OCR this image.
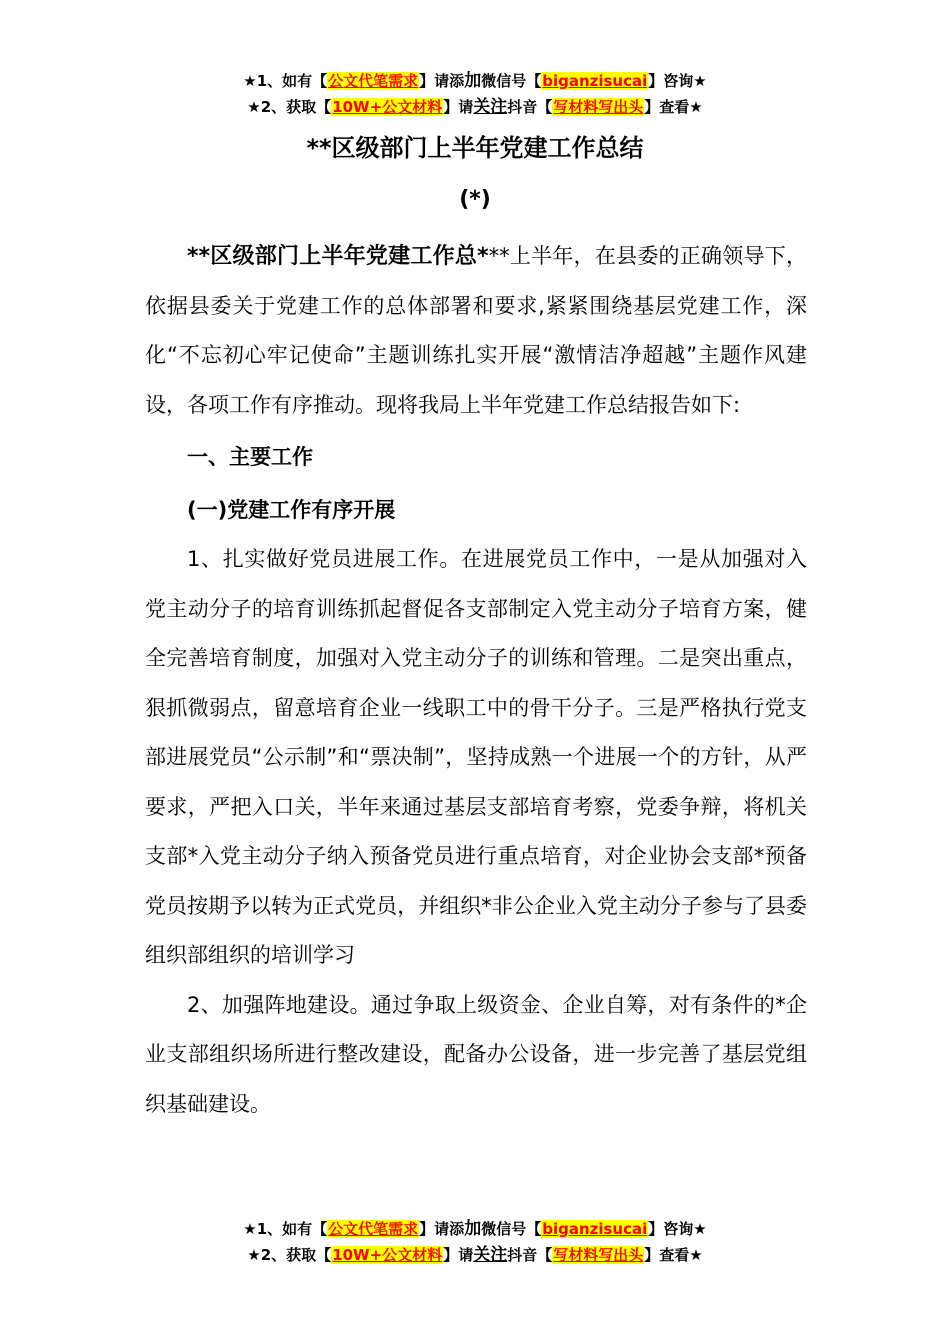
★1、如有【公文代笔需求】请添加微信号【biganzisucai】咨询★
★2、获取【10W+公文材料】请关注抖音【写材料写出头】查看★
**区级部门上半年党建工作总结
(*)

**区级部门上半年党建工作总***上半年，在县委的正确领导下，依据县委关于党建工作的总体部署和要求,紧紧围绕基层党建工作，深化“不忘初心牢记使命”主题训练扎实开展“激情洁净超越”主题作风建设，各项工作有序推动。现将我局上半年党建工作总结报告如下:

一、主要工作

(一)党建工作有序开展

1、扎实做好党员进展工作。在进展党员工作中，一是从加强对入党主动分子的培育训练抓起督促各支部制定入党主动分子培育方案，健全完善培育制度，加强对入党主动分子的训练和管理。二是突出重点，狠抓微弱点，留意培育企业一线职工中的骨干分子。三是严格执行党支部进展党员“公示制”和“票决制”，坚持成熟一个进展一个的方针，从严要求，严把入口关，半年来通过基层支部培育考察，党委争辩，将机关支部*入党主动分子纳入预备党员进行重点培育，对企业协会支部*预备党员按期予以转为正式党员，并组织*非公企业入党主动分子参与了县委组织部组织的培训学习

2、加强阵地建设。通过争取上级资金、企业自筹，对有条件的*企业支部组织场所进行整改建设，配备办公设备，进一步完善了基层党组织基础建设。

★1、如有【公文代笔需求】请添加微信号【biganzisucai】咨询★
★2、获取【10W+公文材料】请关注抖音【写材料写出头】查看★
